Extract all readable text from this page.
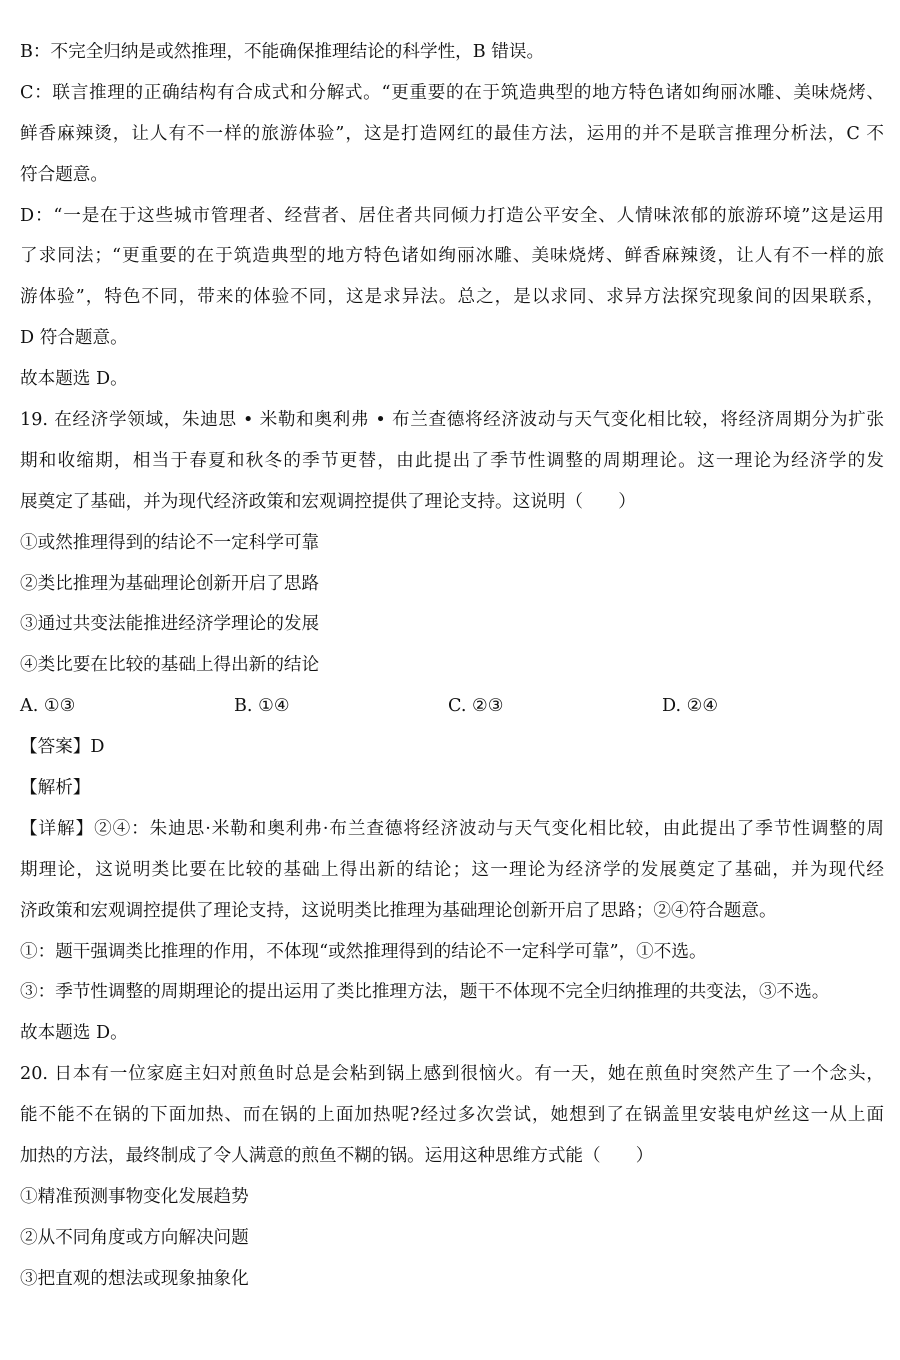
B：不完全归纳是或然推理，不能确保推理结论的科学性，B 错误。
C：联言推理的正确结构有合成式和分解式。“更重要的在于筑造典型的地方特色诸如绚丽冰雕、美味烧烤、
鲜香麻辣烫，让人有不一样的旅游体验”，这是打造网红的最佳方法，运用的并不是联言推理分析法，C 不
符合题意。
D：“一是在于这些城市管理者、经营者、居住者共同倾力打造公平安全、人情味浓郁的旅游环境”这是运用
了求同法；“更重要的在于筑造典型的地方特色诸如绚丽冰雕、美味烧烤、鲜香麻辣烫，让人有不一样的旅
游体验”，特色不同，带来的体验不同，这是求异法。总之，是以求同、求异方法探究现象间的因果联系，
D 符合题意。
故本题选 D。
19. 在经济学领域，朱迪思 • 米勒和奥利弗 • 布兰查德将经济波动与天气变化相比较，将经济周期分为扩张
期和收缩期，相当于春夏和秋冬的季节更替，由此提出了季节性调整的周期理论。这一理论为经济学的发
展奠定了基础，并为现代经济政策和宏观调控提供了理论支持。这说明（　　）
①或然推理得到的结论不一定科学可靠
②类比推理为基础理论创新开启了思路
③通过共变法能推进经济学理论的发展
④类比要在比较的基础上得出新的结论
A. ①③	B. ①④	C. ②③	D. ②④
【答案】D
【解析】
【详解】②④：朱迪思·米勒和奥利弗·布兰查德将经济波动与天气变化相比较，由此提出了季节性调整的周
期理论，这说明类比要在比较的基础上得出新的结论；这一理论为经济学的发展奠定了基础，并为现代经
济政策和宏观调控提供了理论支持，这说明类比推理为基础理论创新开启了思路；②④符合题意。
①：题干强调类比推理的作用，不体现“或然推理得到的结论不一定科学可靠”，①不选。
③：季节性调整的周期理论的提出运用了类比推理方法，题干不体现不完全归纳推理的共变法，③不选。
故本题选 D。
20. 日本有一位家庭主妇对煎鱼时总是会粘到锅上感到很恼火。有一天，她在煎鱼时突然产生了一个念头，
能不能不在锅的下面加热、而在锅的上面加热呢?经过多次尝试，她想到了在锅盖里安装电炉丝这一从上面
加热的方法，最终制成了令人满意的煎鱼不糊的锅。运用这种思维方式能（　　）
①精准预测事物变化发展趋势
②从不同角度或方向解决问题
③把直观的想法或现象抽象化
